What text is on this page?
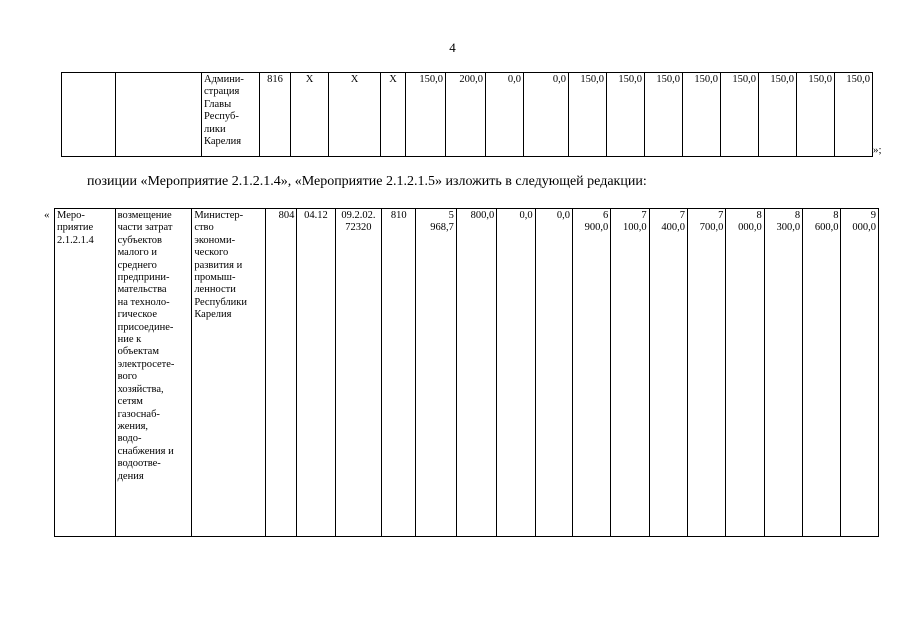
4
		Админи-
страция
Главы
Респуб-
лики
Карелия	816	X	X	X	150,0	200,0	0,0	0,0	150,0	150,0	150,0	150,0	150,0	150,0	150,0	150,0
»;
позиции «Мероприятие 2.1.2.1.4», «Мероприятие 2.1.2.1.5» изложить в следующей редакции:
« Меро-
приятие
2.1.2.1.4	возмещение
части затрат
субъектов
малого и
среднего
предприни-
мательства
на техноло-
гическое
присоедине-
ние к
объектам
электросете-
вого
хозяйства,
сетям
газоснаб-
жения,
водо-
снабжения и
водоотве-
дения	Министер-
ство
экономи-
ческого
развития и
промыш-
ленности
Республики
Карелия	804	04.12	09.2.02.
72320	810	5
968,7	800,0	0,0	0,0	6
900,0	7
100,0	7
400,0	7
700,0	8
000,0	8
300,0	8
600,0	9
000,0
